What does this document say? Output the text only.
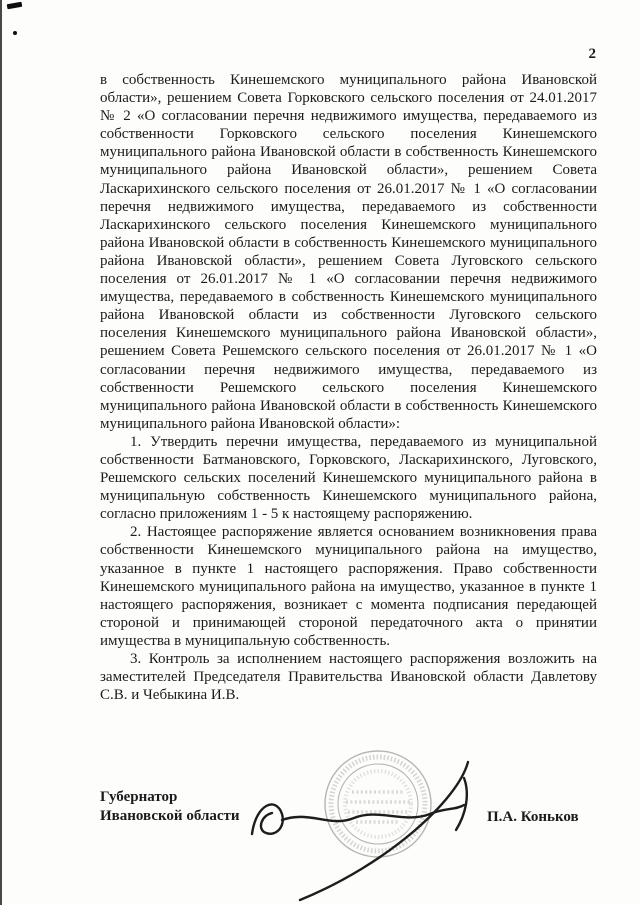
2

в собственность Кинешемского муниципального района Ивановской области», решением Совета Горковского сельского поселения от 24.01.2017 № 2 «О согласовании перечня недвижимого имущества, передаваемого из собственности Горковского сельского поселения Кинешемского муниципального района Ивановской области в собственность Кинешемского муниципального района Ивановской области», решением Совета Ласкарихинского сельского поселения от 26.01.2017 № 1 «О согласовании перечня недвижимого имущества, передаваемого из собственности Ласкарихинского сельского поселения Кинешемского муниципального района Ивановской области в собственность Кинешемского муниципального района Ивановской области», решением Совета Луговского сельского поселения от 26.01.2017 № 1 «О согласовании перечня недвижимого имущества, передаваемого в собственность Кинешемского муниципального района Ивановской области из собственности Луговского сельского поселения Кинешемского муниципального района Ивановской области», решением Совета Решемского сельского поселения от 26.01.2017 № 1 «О согласовании перечня недвижимого имущества, передаваемого из собственности Решемского сельского поселения Кинешемского муниципального района Ивановской области в собственность Кинешемского муниципального района Ивановской области»:

1. Утвердить перечни имущества, передаваемого из муниципальной собственности Батмановского, Горковского, Ласкарихинского, Луговского, Решемского сельских поселений Кинешемского муниципального района в муниципальную собственность Кинешемского муниципального района, согласно приложениям 1 - 5 к настоящему распоряжению.

2. Настоящее распоряжение является основанием возникновения права собственности Кинешемского муниципального района на имущество, указанное в пункте 1 настоящего распоряжения. Право собственности Кинешемского муниципального района на имущество, указанное в пункте 1 настоящего распоряжения, возникает с момента подписания передающей стороной и принимающей стороной передаточного акта о принятии имущества в муниципальную собственность.

3. Контроль за исполнением настоящего распоряжения возложить на заместителей Председателя Правительства Ивановской области Давлетову С.В. и Чебыкина И.В.

Губернатор
Ивановской области	П.А. Коньков
